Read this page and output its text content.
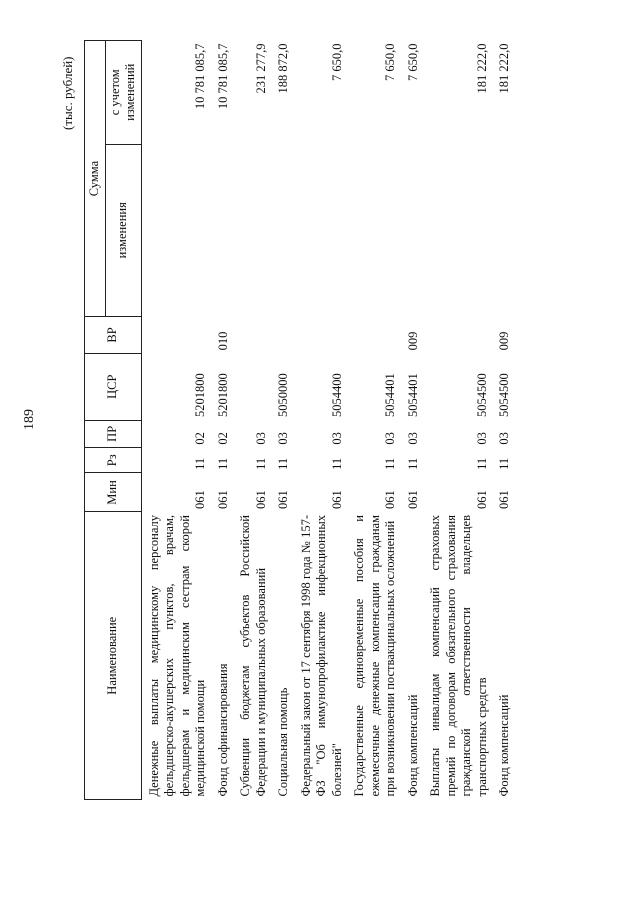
189
(тыс. рублей)
Наименование	Мин	Рз	ПР	ЦСР	ВР	Сумма	
						изменения	с учетом изменений
Денежные выплаты медицинскому персоналу фельдшерско-акушерских пунктов, врачам, фельдшерам и медицинским сестрам скорой медицинской помощи	061	11	02	5201800			10 781 085,7
Фонд софинансирования	061	11	02	5201800	010		10 781 085,7
Субвенции бюджетам субъектов Российской Федерации и муниципальных образований	061	11	03				231 277,9
Социальная помощь	061	11	03	5050000			188 872,0
Федеральный закон от 17 сентября 1998 года № 157-ФЗ "Об иммунопрофилактике инфекционных болезней"	061	11	03	5054400			7 650,0
Государственные единовременные пособия и ежемесячные денежные компенсации гражданам при возникновении поствакцинальных осложнений	061	11	03	5054401			7 650,0
Фонд компенсаций	061	11	03	5054401	009		7 650,0
Выплаты инвалидам компенсаций страховых премий по договорам обязательного страхования гражданской ответственности владельцев транспортных средств	061	11	03	5054500			181 222,0
Фонд компенсаций	061	11	03	5054500	009		181 222,0
